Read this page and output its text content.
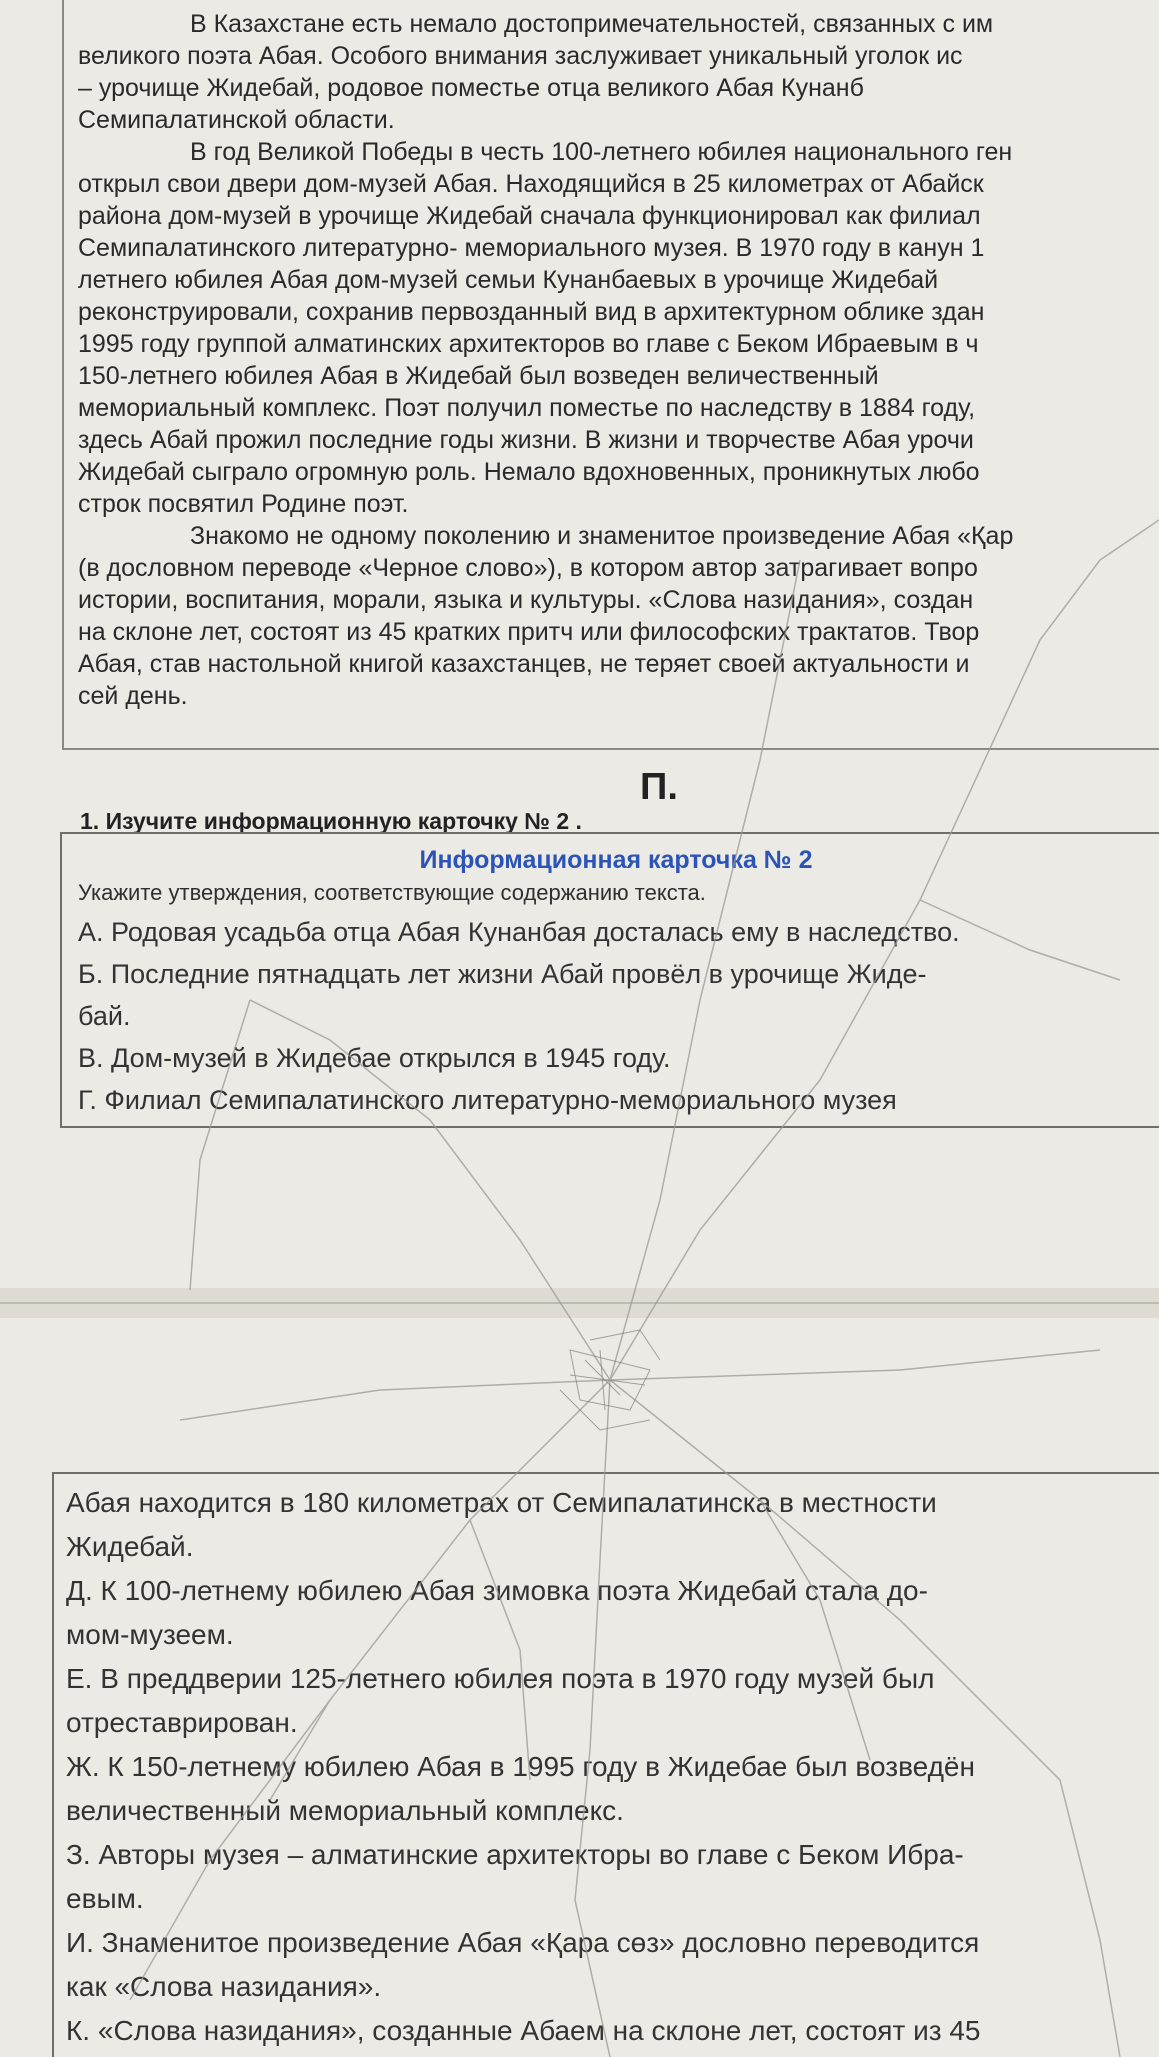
В Казахстане есть немало достопримечательностей, связанных с им
великого поэта Абая. Особого внимания заслуживает уникальный уголок ис
– урочище Жидебай, родовое поместье отца великого Абая Кунанб
Семипалатинской области.

В год Великой Победы в честь 100-летнего юбилея национального ген
открыл свои двери дом-музей Абая. Находящийся в 25 километрах от Абайск
района дом-музей в урочище Жидебай сначала функционировал как филиал
Семипалатинского литературно- мемориального музея. В 1970 году в канун 1
летнего юбилея Абая дом-музей семьи Кунанбаевых в урочище Жидебай
реконструировали, сохранив первозданный вид в архитектурном облике здан
1995 году группой алматинских архитекторов во главе с Беком Ибраевым в ч
150-летнего юбилея Абая в Жидебай был возведен величественный
мемориальный комплекс. Поэт получил поместье по наследству в 1884 году,
здесь Абай прожил последние годы жизни. В жизни и творчестве Абая урочи
Жидебай сыграло огромную роль. Немало вдохновенных, проникнутых любо
строк посвятил Родине поэт.

Знакомо не одному поколению и знаменитое произведение Абая «Қар
(в дословном переводе «Черное слово»), в котором автор затрагивает вопро
истории, воспитания, морали, языка и культуры. «Слова назидания», создан
на склоне лет, состоят из 45 кратких притч или философских трактатов. Твор
Абая, став настольной книгой казахстанцев, не теряет своей актуальности и
сей день.

П.
1. Изучите информационную карточку № 2 .
Информационная карточка № 2
Укажите утверждения, соответствующие содержанию текста.
А. Родовая усадьба отца Абая Кунанбая досталась ему в наследство.
Б. Последние пятнадцать лет жизни Абай провёл в урочище Жиде-
бай.
В. Дом-музей в Жидебае открылся в 1945 году.
Г. Филиал Семипалатинского литературно-мемориального музея
Абая находится в 180 километрах от Семипалатинска в местности
Жидебай.
Д. К 100-летнему юбилею Абая зимовка поэта Жидебай стала до-
мом-музеем.
Е. В преддверии 125-летнего юбилея поэта в 1970 году музей был
отреставрирован.
Ж. К 150-летнему юбилею Абая в 1995 году в Жидебае был возведён
величественный мемориальный комплекс.
З. Авторы музея – алматинские архитекторы во главе с Беком Ибра-
евым.
И. Знаменитое произведение Абая «Қара сөз» дословно переводится
как «Слова назидания».
К. «Слова назидания», созданные Абаем на склоне лет, состоят из 45
